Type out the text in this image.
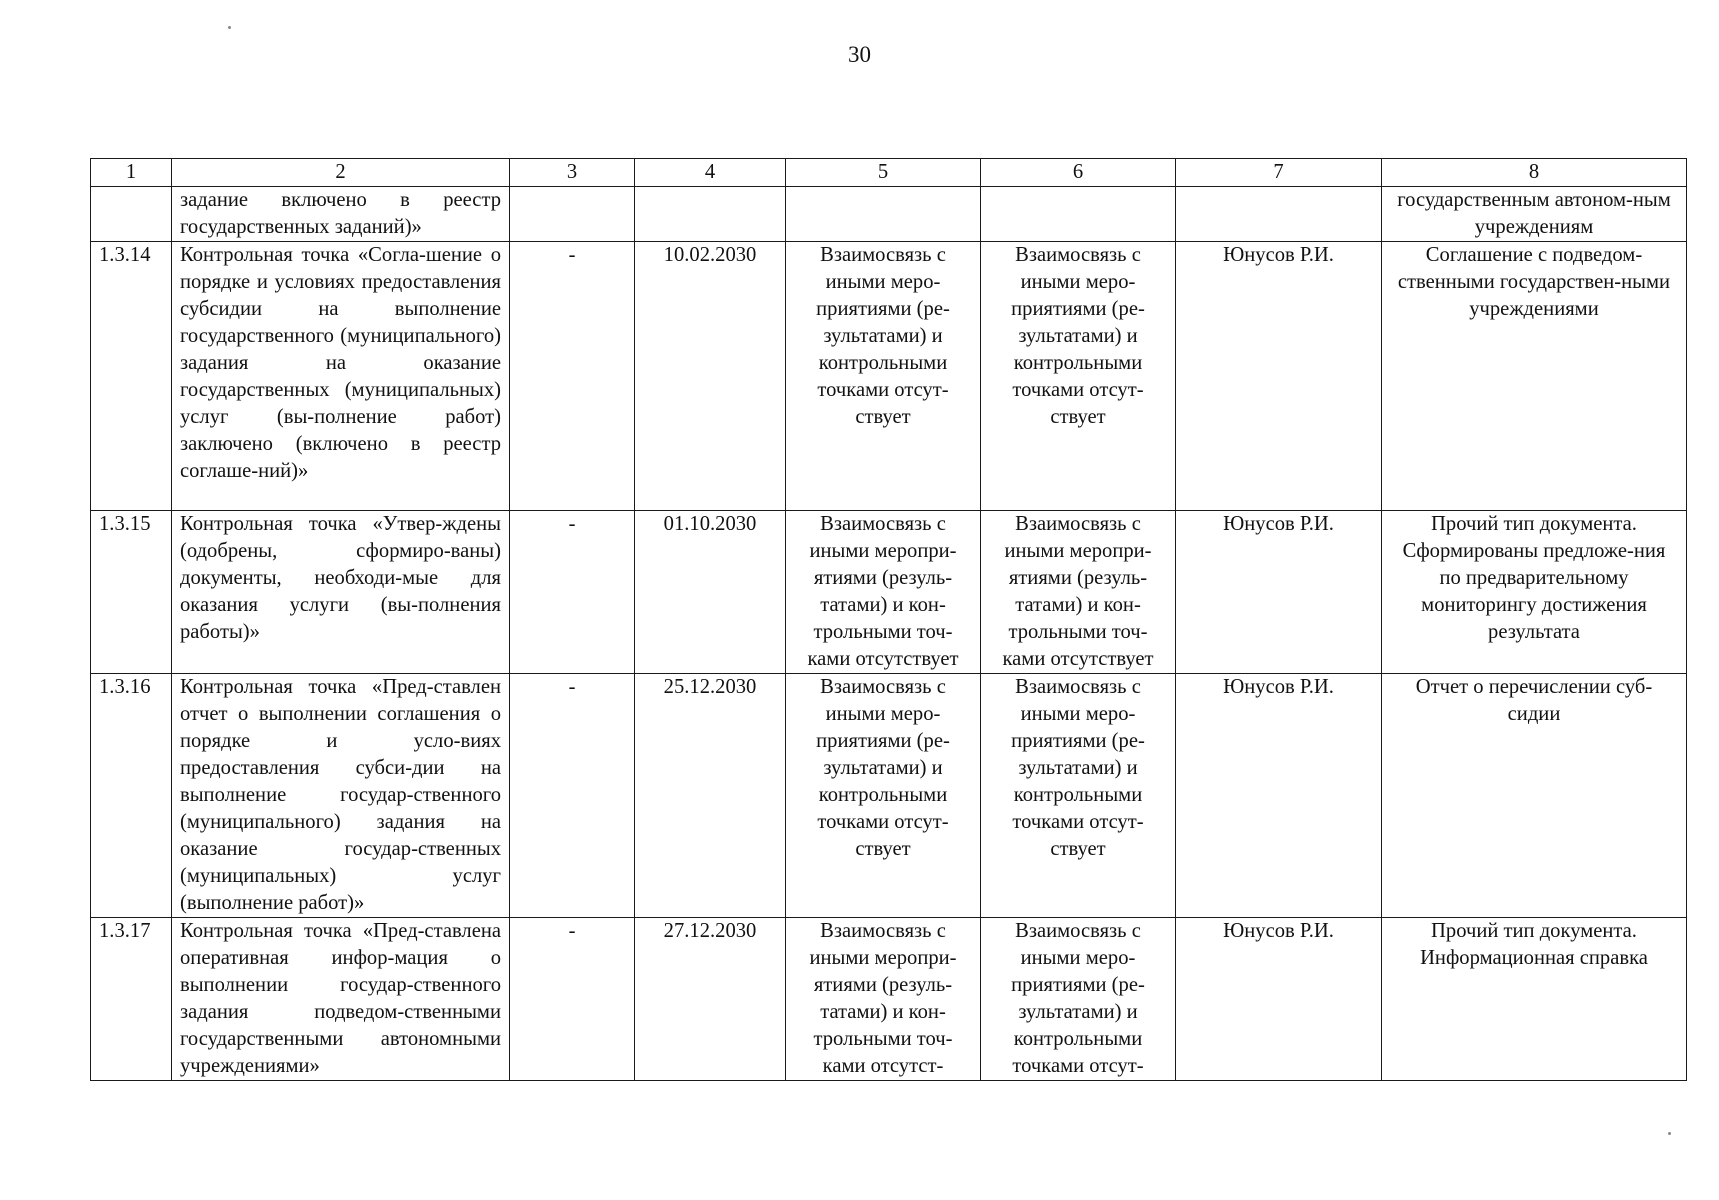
30
1	2	3	4	5	6	7	8
	задание включено в реестр государственных заданий)»						государственным автоном-ным учреждениям
1.3.14	Контрольная точка «Согла-шение о порядке и условиях предоставления субсидии на выполнение государственного (муниципального) задания на оказание государственных (муниципальных) услуг (вы-полнение работ) заключено (включено в реестр соглаше-ний)»	-	10.02.2030	Взаимосвязь с иными меро-приятиями (ре-зультатами) и контрольными точками отсут-ствует	Взаимосвязь с иными меро-приятиями (ре-зультатами) и контрольными точками отсут-ствует	Юнусов Р.И.	Соглашение с подведом-ственными государствен-ными учреждениями
1.3.15	Контрольная точка «Утвер-ждены (одобрены, сформиро-ваны) документы, необходи-мые для оказания услуги (вы-полнения работы)»	-	01.10.2030	Взаимосвязь с иными меропри-ятиями (резуль-татами) и кон-трольными точ-ками отсутствует	Взаимосвязь с иными меропри-ятиями (резуль-татами) и кон-трольными точ-ками отсутствует	Юнусов Р.И.	Прочий тип документа. Сформированы предложе-ния по предварительному мониторингу достижения результата
1.3.16	Контрольная точка «Пред-ставлен отчет о выполнении соглашения о порядке и усло-виях предоставления субси-дии на выполнение государ-ственного (муниципального) задания на оказание государ-ственных (муниципальных) услуг (выполнение работ)»	-	25.12.2030	Взаимосвязь с иными меро-приятиями (ре-зультатами) и контрольными точками отсут-ствует	Взаимосвязь с иными меро-приятиями (ре-зультатами) и контрольными точками отсут-ствует	Юнусов Р.И.	Отчет о перечислении суб-сидии
1.3.17	Контрольная точка «Пред-ставлена оперативная инфор-мация о выполнении государ-ственного задания подведом-ственными государственными автономными учреждениями»	-	27.12.2030	Взаимосвязь с иными меропри-ятиями (резуль-татами) и кон-трольными точ-ками отсутст-	Взаимосвязь с иными меро-приятиями (ре-зультатами) и контрольными точками отсут-	Юнусов Р.И.	Прочий тип документа. Информационная справка
